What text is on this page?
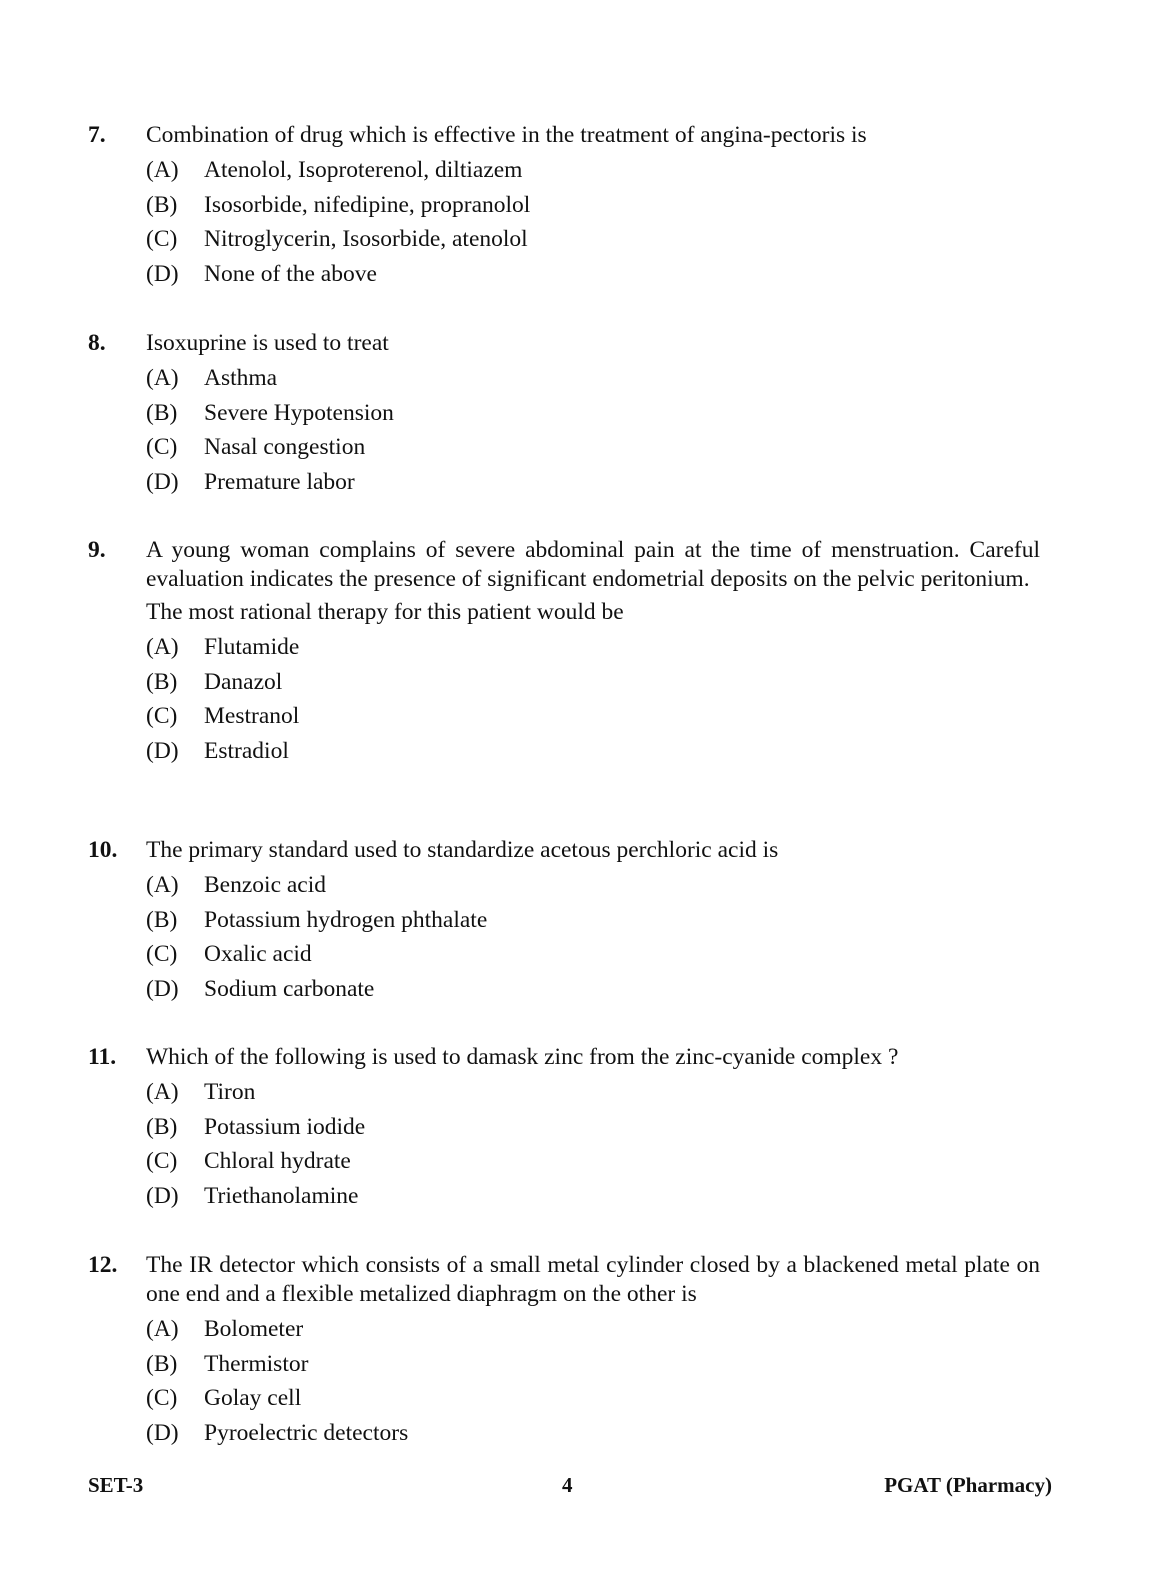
7. Combination of drug which is effective in the treatment of angina-pectoris is
(A) Atenolol, Isoproterenol, diltiazem
(B) Isosorbide, nifedipine, propranolol
(C) Nitroglycerin, Isosorbide, atenolol
(D) None of the above
8. Isoxuprine is used to treat
(A) Asthma
(B) Severe Hypotension
(C) Nasal congestion
(D) Premature labor
9. A young woman complains of severe abdominal pain at the time of menstruation. Careful evaluation indicates the presence of significant endometrial deposits on the pelvic peritonium.
The most rational therapy for this patient would be
(A) Flutamide
(B) Danazol
(C) Mestranol
(D) Estradiol
10. The primary standard used to standardize acetous perchloric acid is
(A) Benzoic acid
(B) Potassium hydrogen phthalate
(C) Oxalic acid
(D) Sodium carbonate
11. Which of the following is used to damask zinc from the zinc-cyanide complex ?
(A) Tiron
(B) Potassium iodide
(C) Chloral hydrate
(D) Triethanolamine
12. The IR detector which consists of a small metal cylinder closed by a blackened metal plate on one end and a flexible metalized diaphragm on the other is
(A) Bolometer
(B) Thermistor
(C) Golay cell
(D) Pyroelectric detectors
SET-3	4	PGAT (Pharmacy)
